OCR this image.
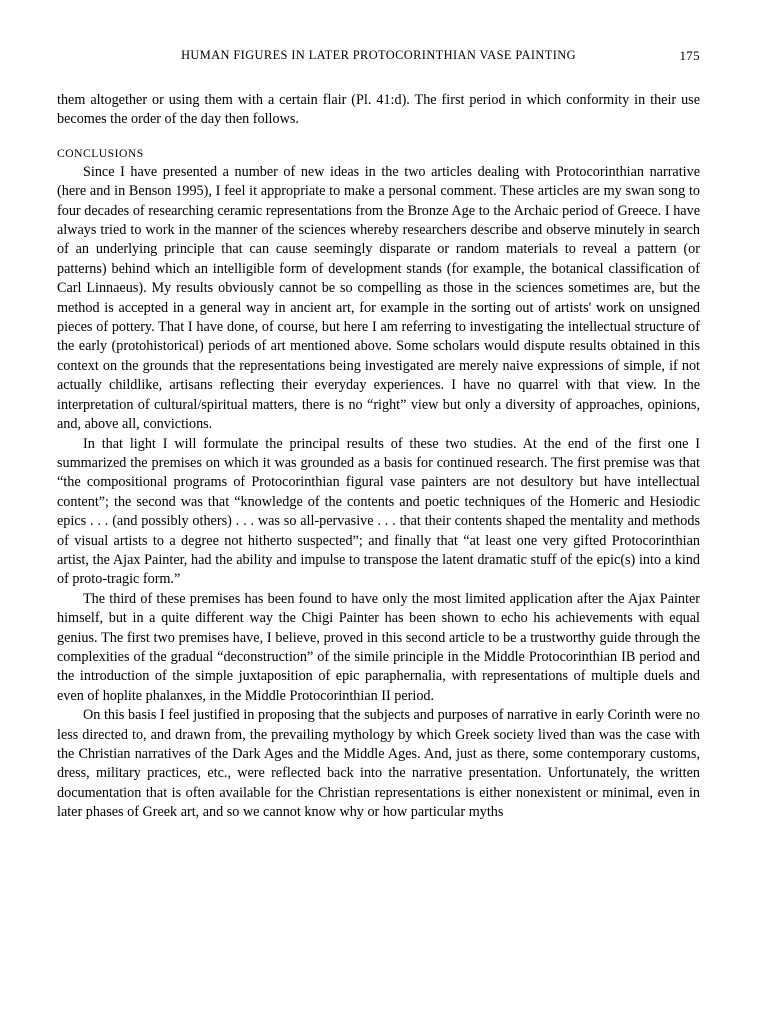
HUMAN FIGURES IN LATER PROTOCORINTHIAN VASE PAINTING	175

them altogether or using them with a certain flair (Pl. 41:d). The first period in which conformity in their use becomes the order of the day then follows.

CONCLUSIONS

Since I have presented a number of new ideas in the two articles dealing with Protocorinthian narrative (here and in Benson 1995), I feel it appropriate to make a personal comment. These articles are my swan song to four decades of researching ceramic representations from the Bronze Age to the Archaic period of Greece. I have always tried to work in the manner of the sciences whereby researchers describe and observe minutely in search of an underlying principle that can cause seemingly disparate or random materials to reveal a pattern (or patterns) behind which an intelligible form of development stands (for example, the botanical classification of Carl Linnaeus). My results obviously cannot be so compelling as those in the sciences sometimes are, but the method is accepted in a general way in ancient art, for example in the sorting out of artists' work on unsigned pieces of pottery. That I have done, of course, but here I am referring to investigating the intellectual structure of the early (protohistorical) periods of art mentioned above. Some scholars would dispute results obtained in this context on the grounds that the representations being investigated are merely naive expressions of simple, if not actually childlike, artisans reflecting their everyday experiences. I have no quarrel with that view. In the interpretation of cultural/spiritual matters, there is no “right” view but only a diversity of approaches, opinions, and, above all, convictions.

In that light I will formulate the principal results of these two studies. At the end of the first one I summarized the premises on which it was grounded as a basis for continued research. The first premise was that “the compositional programs of Protocorinthian figural vase painters are not desultory but have intellectual content”; the second was that “knowledge of the contents and poetic techniques of the Homeric and Hesiodic epics . . . (and possibly others) . . . was so all-pervasive . . . that their contents shaped the mentality and methods of visual artists to a degree not hitherto suspected”; and finally that “at least one very gifted Protocorinthian artist, the Ajax Painter, had the ability and impulse to transpose the latent dramatic stuff of the epic(s) into a kind of proto-tragic form.”

The third of these premises has been found to have only the most limited application after the Ajax Painter himself, but in a quite different way the Chigi Painter has been shown to echo his achievements with equal genius. The first two premises have, I believe, proved in this second article to be a trustworthy guide through the complexities of the gradual “deconstruction” of the simile principle in the Middle Protocorinthian IB period and the introduction of the simple juxtaposition of epic paraphernalia, with representations of multiple duels and even of hoplite phalanxes, in the Middle Protocorinthian II period.

On this basis I feel justified in proposing that the subjects and purposes of narrative in early Corinth were no less directed to, and drawn from, the prevailing mythology by which Greek society lived than was the case with the Christian narratives of the Dark Ages and the Middle Ages. And, just as there, some contemporary customs, dress, military practices, etc., were reflected back into the narrative presentation. Unfortunately, the written documentation that is often available for the Christian representations is either nonexistent or minimal, even in later phases of Greek art, and so we cannot know why or how particular myths
